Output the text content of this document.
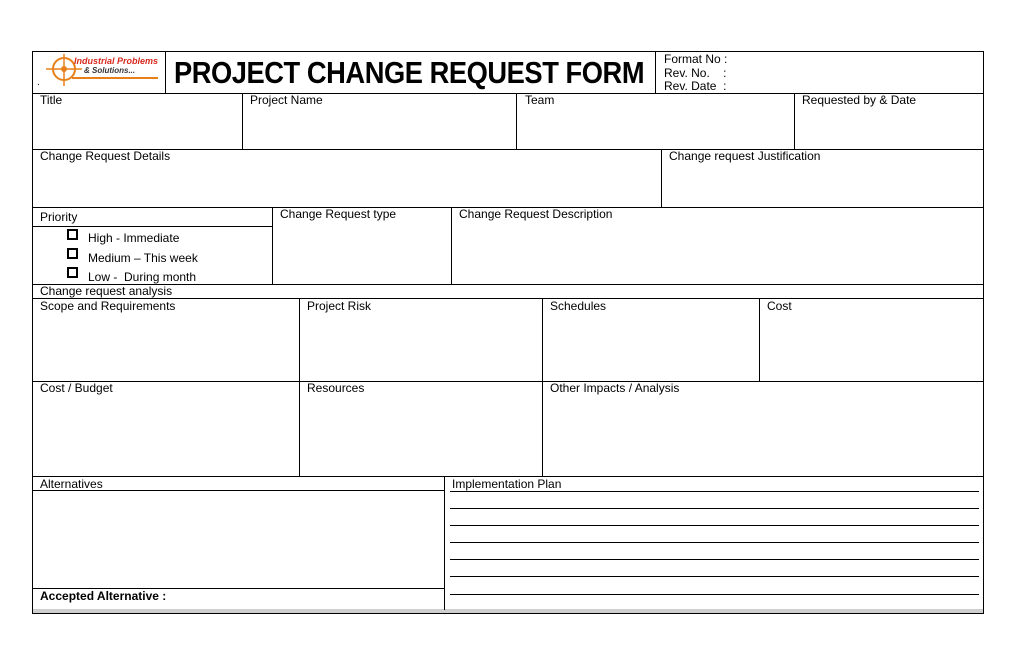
Industrial Problems
& Solutions...
.	PROJECT CHANGE REQUEST FORM Format No :
Rev. No.    :
Rev. Date  :
Title	Project Name	Team	Requested by & Date
Change Request Details	Change request Justification
Priority
High - Immediate
Medium – This week
Low -  During month
Change Request type	Change Request Description
Change request analysis
Scope and Requirements	Project Risk	Schedules	Cost
Cost / Budget	Resources	Other Impacts / Analysis
Alternatives	Implementation Plan
Accepted Alternative :
